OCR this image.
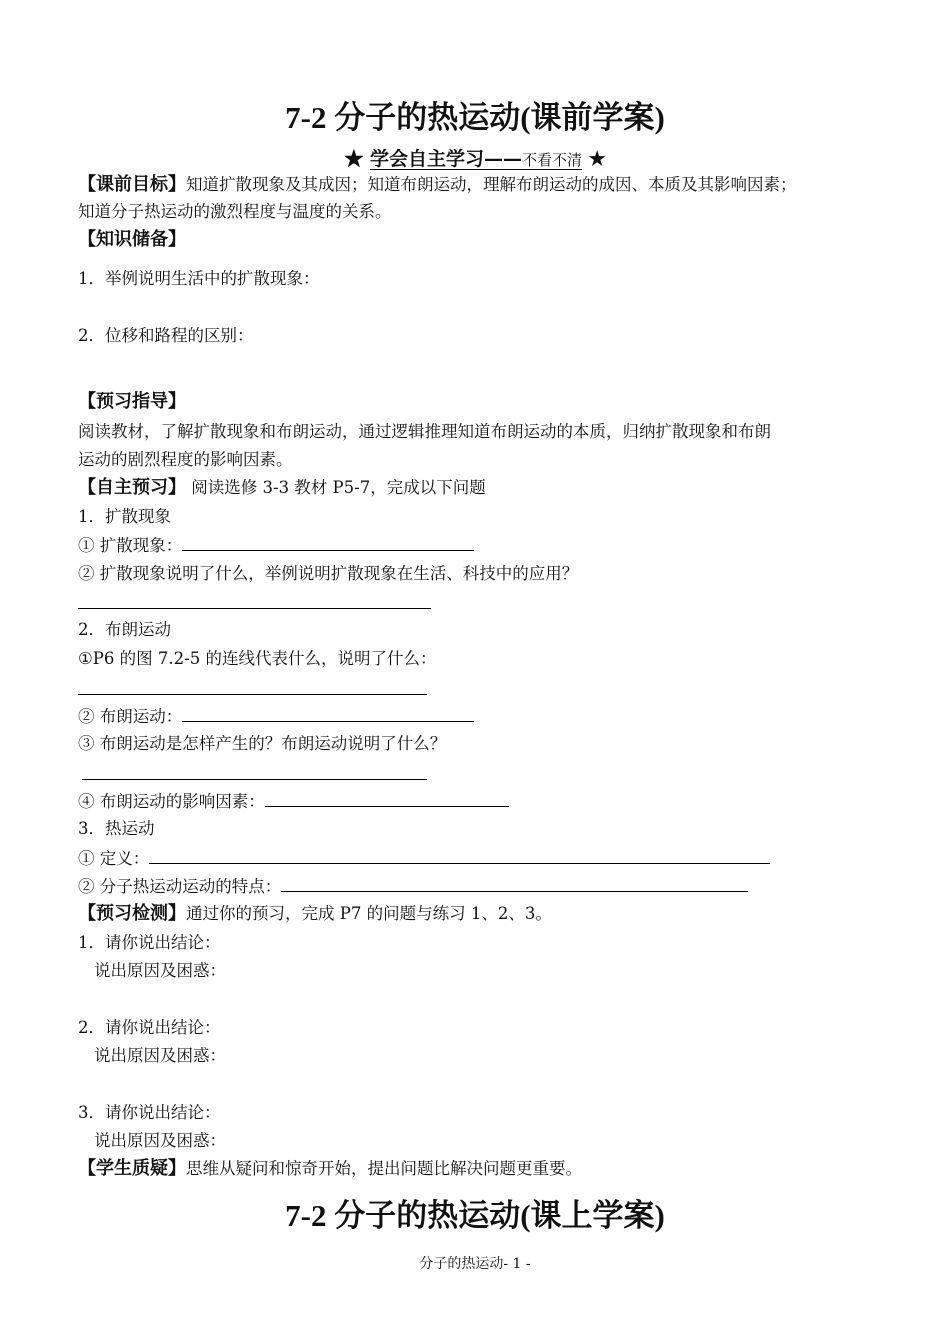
7-2 分子的热运动(课前学案)
★ 学会自主学习——不看不清 ★
【课前目标】知道扩散现象及其成因；知道布朗运动，理解布朗运动的成因、本质及其影响因素；
知道分子热运动的激烈程度与温度的关系。
【知识储备】
1．举例说明生活中的扩散现象：
2．位移和路程的区别：
【预习指导】
阅读教材，了解扩散现象和布朗运动，通过逻辑推理知道布朗运动的本质，归纳扩散现象和布朗
运动的剧烈程度的影响因素。
【自主预习】 阅读选修 3-3 教材 P5-7，完成以下问题
1．扩散现象
① 扩散现象：
② 扩散现象说明了什么，举例说明扩散现象在生活、科技中的应用？
2．布朗运动
①P6 的图 7.2-5 的连线代表什么，说明了什么：
② 布朗运动：
③ 布朗运动是怎样产生的？布朗运动说明了什么？
④ 布朗运动的影响因素：
3．热运动
① 定义：
② 分子热运动运动的特点：
【预习检测】通过你的预习，完成 P7 的问题与练习 1、2、3。
1．请你说出结论：
说出原因及困惑：
2．请你说出结论：
说出原因及困惑：
3．请你说出结论：
说出原因及困惑：
【学生质疑】思维从疑问和惊奇开始，提出问题比解决问题更重要。
7-2 分子的热运动(课上学案)
分子的热运动- 1 -
